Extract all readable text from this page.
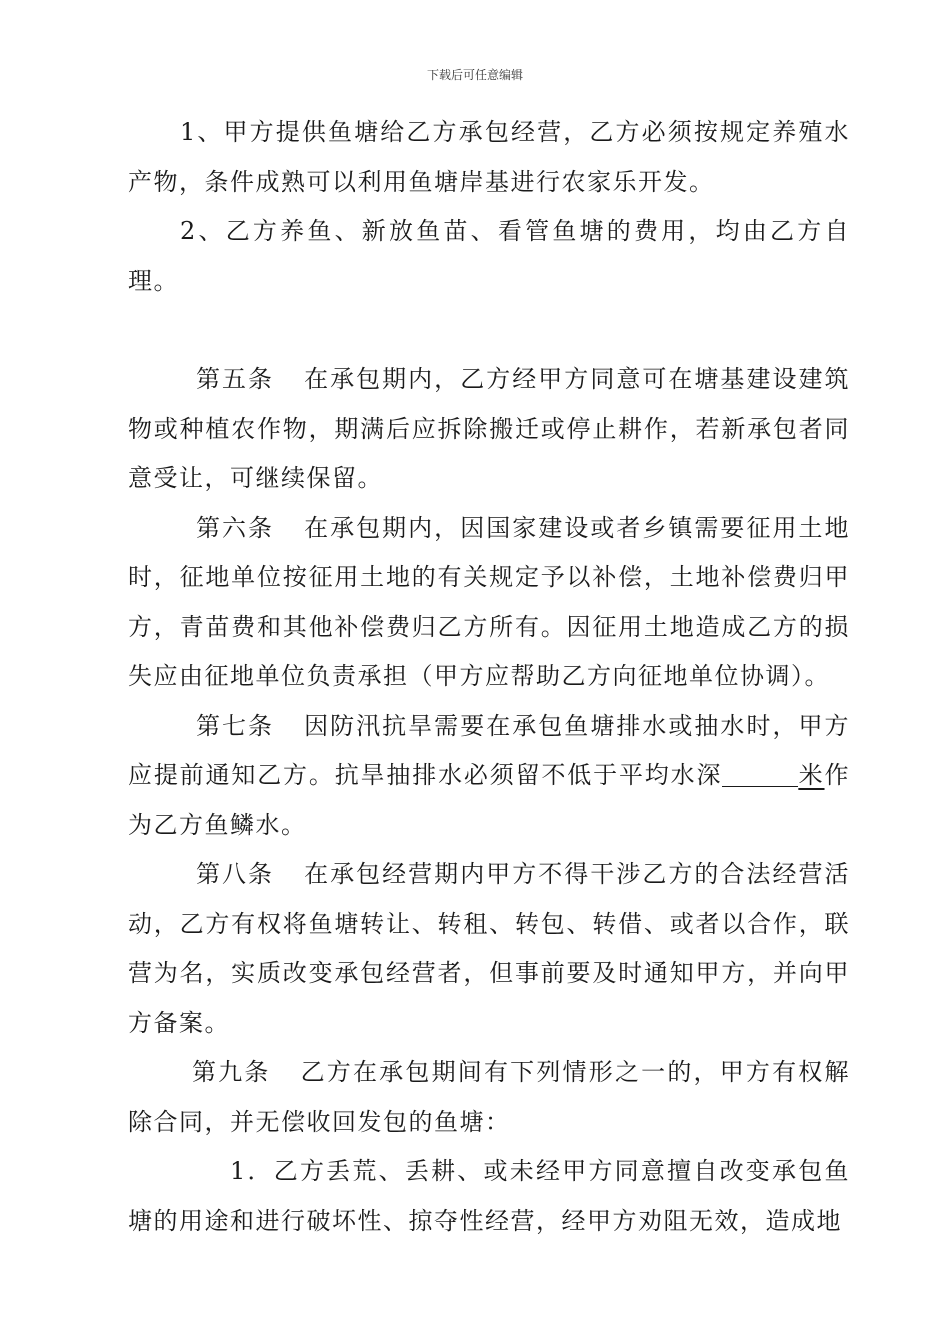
下载后可任意编辑

1、甲方提供鱼塘给乙方承包经营，乙方必须按规定养殖水产物，条件成熟可以利用鱼塘岸基进行农家乐开发。

2、乙方养鱼、新放鱼苗、看管鱼塘的费用，均由乙方自理。

第五条 在承包期内，乙方经甲方同意可在塘基建设建筑物或种植农作物，期满后应拆除搬迁或停止耕作，若新承包者同意受让，可继续保留。

第六条 在承包期内，因国家建设或者乡镇需要征用土地时，征地单位按征用土地的有关规定予以补偿，土地补偿费归甲方，青苗费和其他补偿费归乙方所有。因征用土地造成乙方的损失应由征地单位负责承担（甲方应帮助乙方向征地单位协调）。

第七条 因防汛抗旱需要在承包鱼塘排水或抽水时，甲方应提前通知乙方。抗旱抽排水必须留不低于平均水深	米作为乙方鱼鳞水。

第八条 在承包经营期内甲方不得干涉乙方的合法经营活动，乙方有权将鱼塘转让、转租、转包、转借、或者以合作，联营为名，实质改变承包经营者，但事前要及时通知甲方，并向甲方备案。

第九条 乙方在承包期间有下列情形之一的，甲方有权解除合同，并无偿收回发包的鱼塘：

1．乙方丢荒、丢耕、或未经甲方同意擅自改变承包鱼塘的用途和进行破坏性、掠夺性经营，经甲方劝阻无效，造成地
